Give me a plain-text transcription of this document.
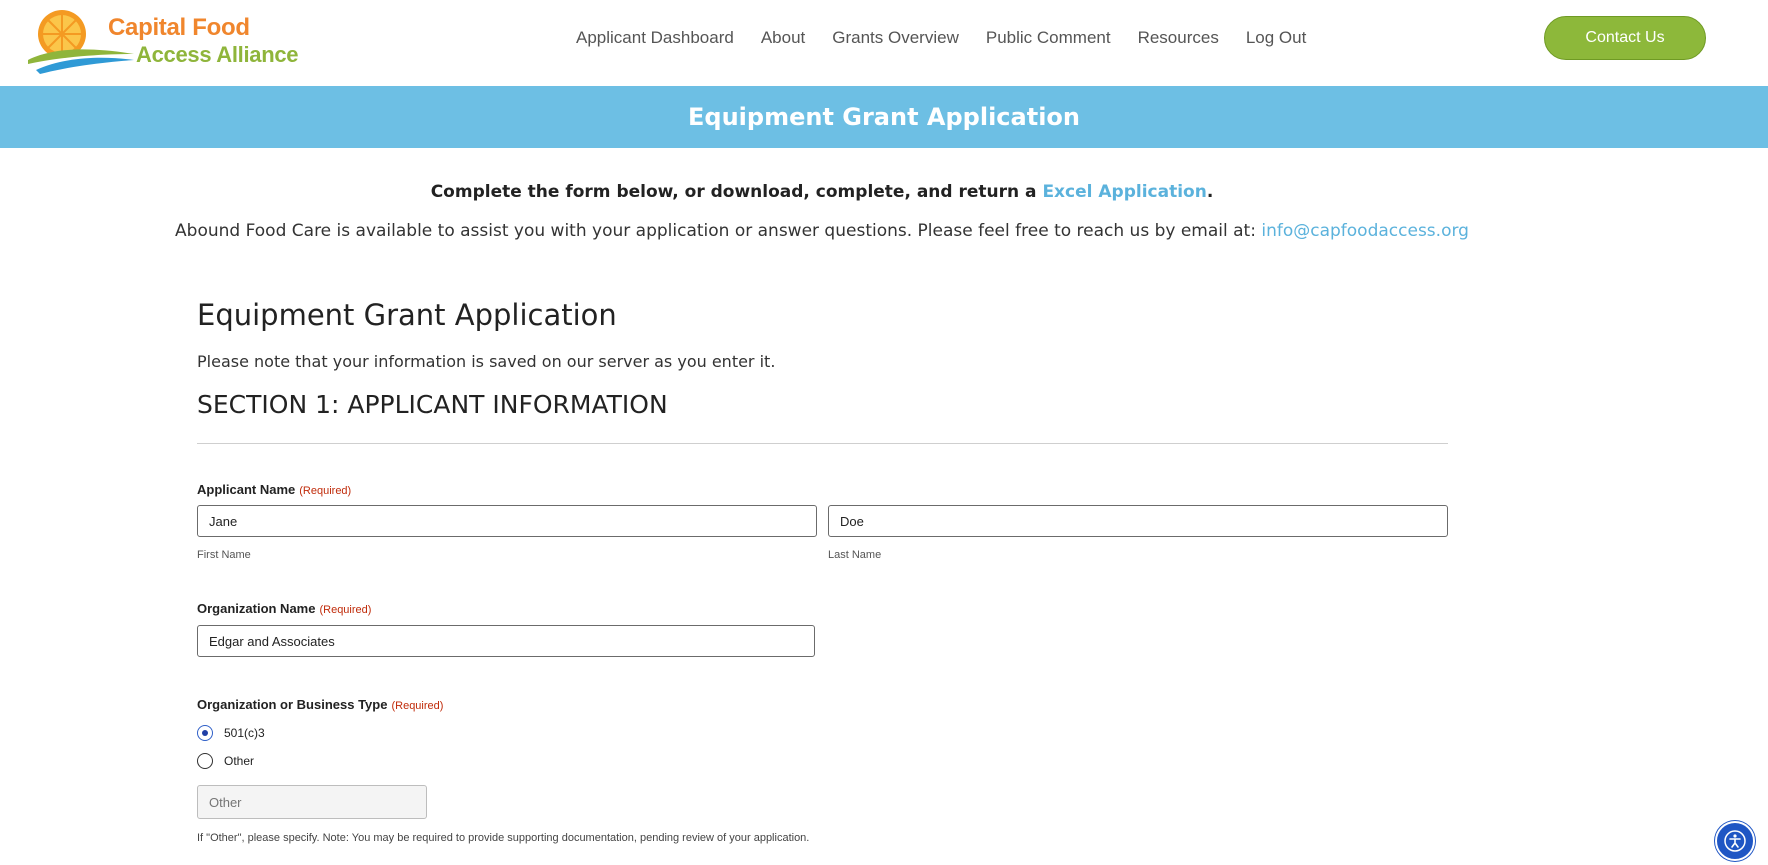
Capital Food
Access Alliance
Applicant Dashboard About Grants Overview Public Comment Resources Log Out	Contact Us
Equipment Grant Application
Complete the form below, or download, complete, and return a Excel Application.
Abound Food Care is available to assist you with your application or answer questions. Please feel free to reach us by email at: info@capfoodaccess.org
Equipment Grant Application
Please note that your information is saved on our server as you enter it.
SECTION 1: APPLICANT INFORMATION
Applicant Name (Required)
Jane
First Name
Doe	Last Name
Organization Name (Required)
Edgar and Associates
Organization or Business Type (Required)
501(c)3
Other
Other
If "Other", please specify. Note: You may be required to provide supporting documentation, pending review of your application.
